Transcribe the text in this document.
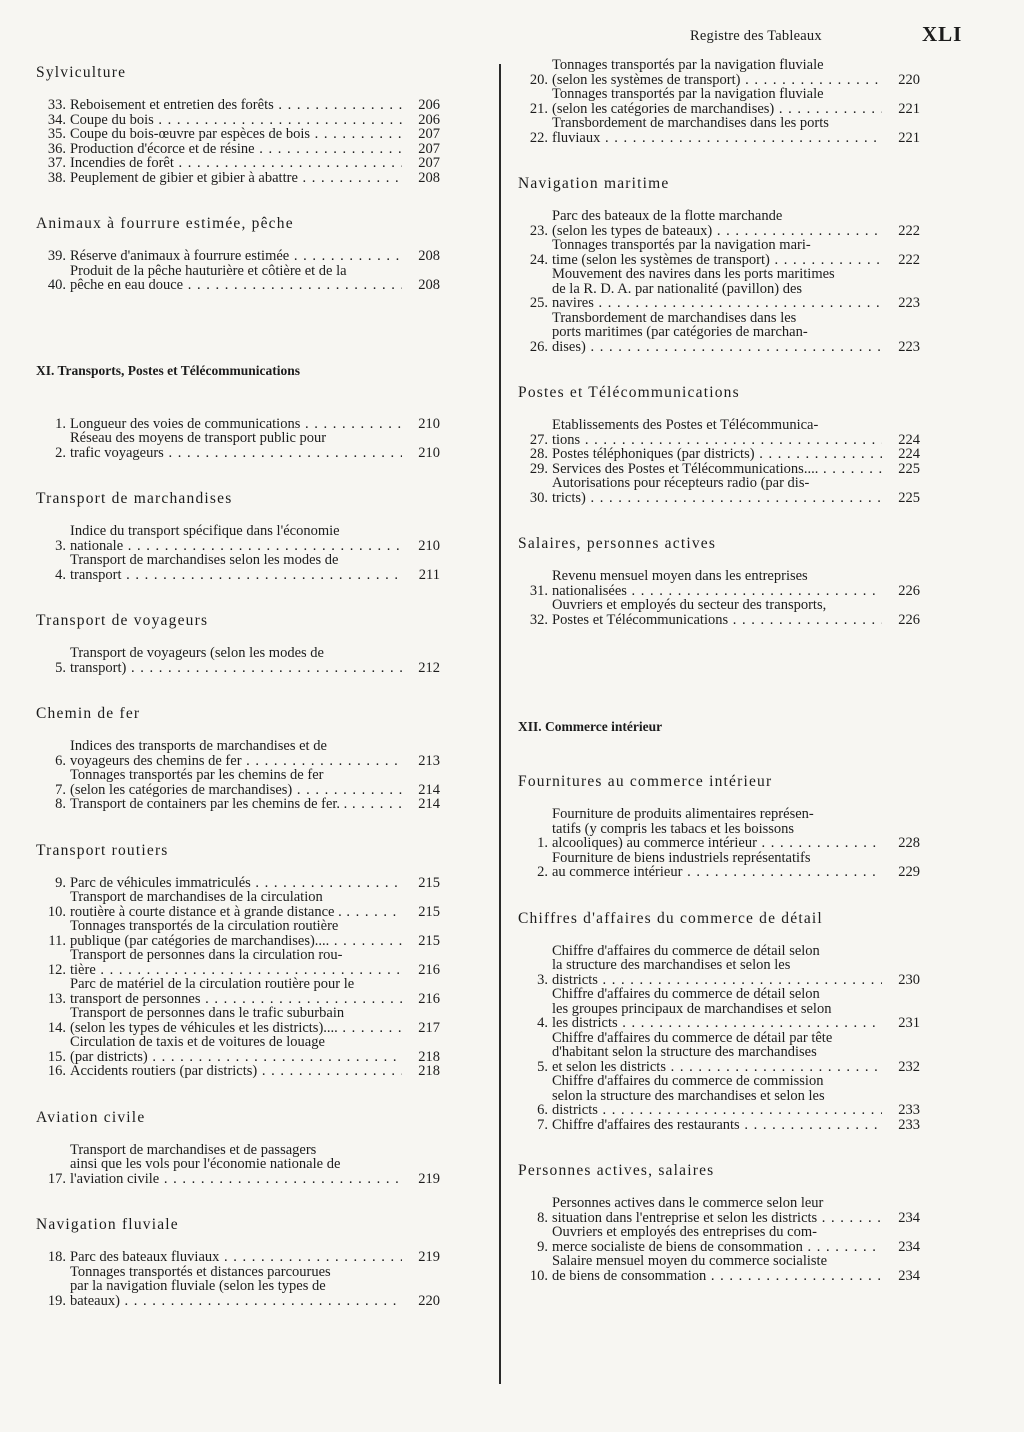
Registre des Tableaux	XLI
Sylviculture
33. Reboisement et entretien des forêts . . .	206
34. Coupe du bois . . .	206
35. Coupe du bois-œuvre par espèces de bois . . .	207
36. Production d'écorce et de résine . . .	207
37. Incendies de forêt . . .	207
38. Peuplement de gibier et gibier à abattre . . .	208
Animaux à fourrure estimée, pêche
39. Réserve d'animaux à fourrure estimée . . .	208
40.
Produit de la pêche hauturière et côtière et de la
pêche en eau douce . . .	208
XI. Transports, Postes et Télécommunications
1. Longueur des voies de communications . . .	210
2.
Réseau des moyens de transport public pour
trafic voyageurs . . .	210
Transport de marchandises
3.
Indice du transport spécifique dans l'économie
nationale . . .	210
4.
Transport de marchandises selon les modes de
transport . . .	211
Transport de voyageurs
5.
Transport de voyageurs (selon les modes de
transport) . . .	212
Chemin de fer
6.
Indices des transports de marchandises et de
voyageurs des chemins de fer . . .	213
7.
Tonnages transportés par les chemins de fer
(selon les catégories de marchandises) . . .	214
8. Transport de containers par les chemins de fer. . . . .	214
Transport routiers
9. Parc de véhicules immatriculés . . .	215
10.
Transport de marchandises de la circulation
routière à courte distance et à grande distance . . . .	215
11.
Tonnages transportés de la circulation routière
publique (par catégories de marchandises).... . . .	215
12.
Transport de personnes dans la circulation rou-
tière . . .	216
13.
Parc de matériel de la circulation routière pour le
transport de personnes . . .	216
14.
Transport de personnes dans le trafic suburbain
(selon les types de véhicules et les districts).... . . .	217
15.
Circulation de taxis et de voitures de louage
(par districts) . . .	218
16. Accidents routiers (par districts) . . .	218
Aviation civile
17.
Transport de marchandises et de passagers
ainsi que les vols pour l'économie nationale de
l'aviation civile . . .	219
Navigation fluviale
18. Parc des bateaux fluviaux . . .	219
19.
Tonnages transportés et distances parcourues
par la navigation fluviale (selon les types de
bateaux) . . .	220
20.
Tonnages transportés par la navigation fluviale
(selon les systèmes de transport) . . .	220
21.
Tonnages transportés par la navigation fluviale
(selon les catégories de marchandises) . . .	221
22.
Transbordement de marchandises dans les ports
fluviaux . . .	221
Navigation maritime
23.
Parc des bateaux de la flotte marchande
(selon les types de bateaux) . . .	222
24.
Tonnages transportés par la navigation mari-
time (selon les systèmes de transport) . . .	222
25.
Mouvement des navires dans les ports maritimes
de la R. D. A. par nationalité (pavillon) des
navires . . .	223
26.
Transbordement de marchandises dans les
ports maritimes (par catégories de marchan-
dises) . . .	223
Postes et Télécommunications
27.
Etablissements des Postes et Télécommunica-
tions . . .	224
28. Postes téléphoniques (par districts) . . .	224
29. Services des Postes et Télécommunications.... . . .	225
30.
Autorisations pour récepteurs radio (par dis-
tricts) . . .	225
Salaires, personnes actives
31.
Revenu mensuel moyen dans les entreprises
nationalisées . . .	226
32.
Ouvriers et employés du secteur des transports,
Postes et Télécommunications . . .	226
XII. Commerce intérieur
Fournitures au commerce intérieur
1.
Fourniture de produits alimentaires représen-
tatifs (y compris les tabacs et les boissons
alcooliques) au commerce intérieur . . .	228
2.
Fourniture de biens industriels représentatifs
au commerce intérieur . . .	229
Chiffres d'affaires du commerce de détail
3.
Chiffre d'affaires du commerce de détail selon
la structure des marchandises et selon les
districts . . .	230
4.
Chiffre d'affaires du commerce de détail selon
les groupes principaux de marchandises et selon
les districts . . .	231
5.
Chiffre d'affaires du commerce de détail par tête
d'habitant selon la structure des marchandises
et selon les districts . . .	232
6.
Chiffre d'affaires du commerce de commission
selon la structure des marchandises et selon les
districts . . .	233
7. Chiffre d'affaires des restaurants . . .	233
Personnes actives, salaires
8.
Personnes actives dans le commerce selon leur
situation dans l'entreprise et selon les districts . . .	234
9.
Ouvriers et employés des entreprises du com-
merce socialiste de biens de consommation . . .	234
10.
Salaire mensuel moyen du commerce socialiste
de biens de consommation . . .	234
